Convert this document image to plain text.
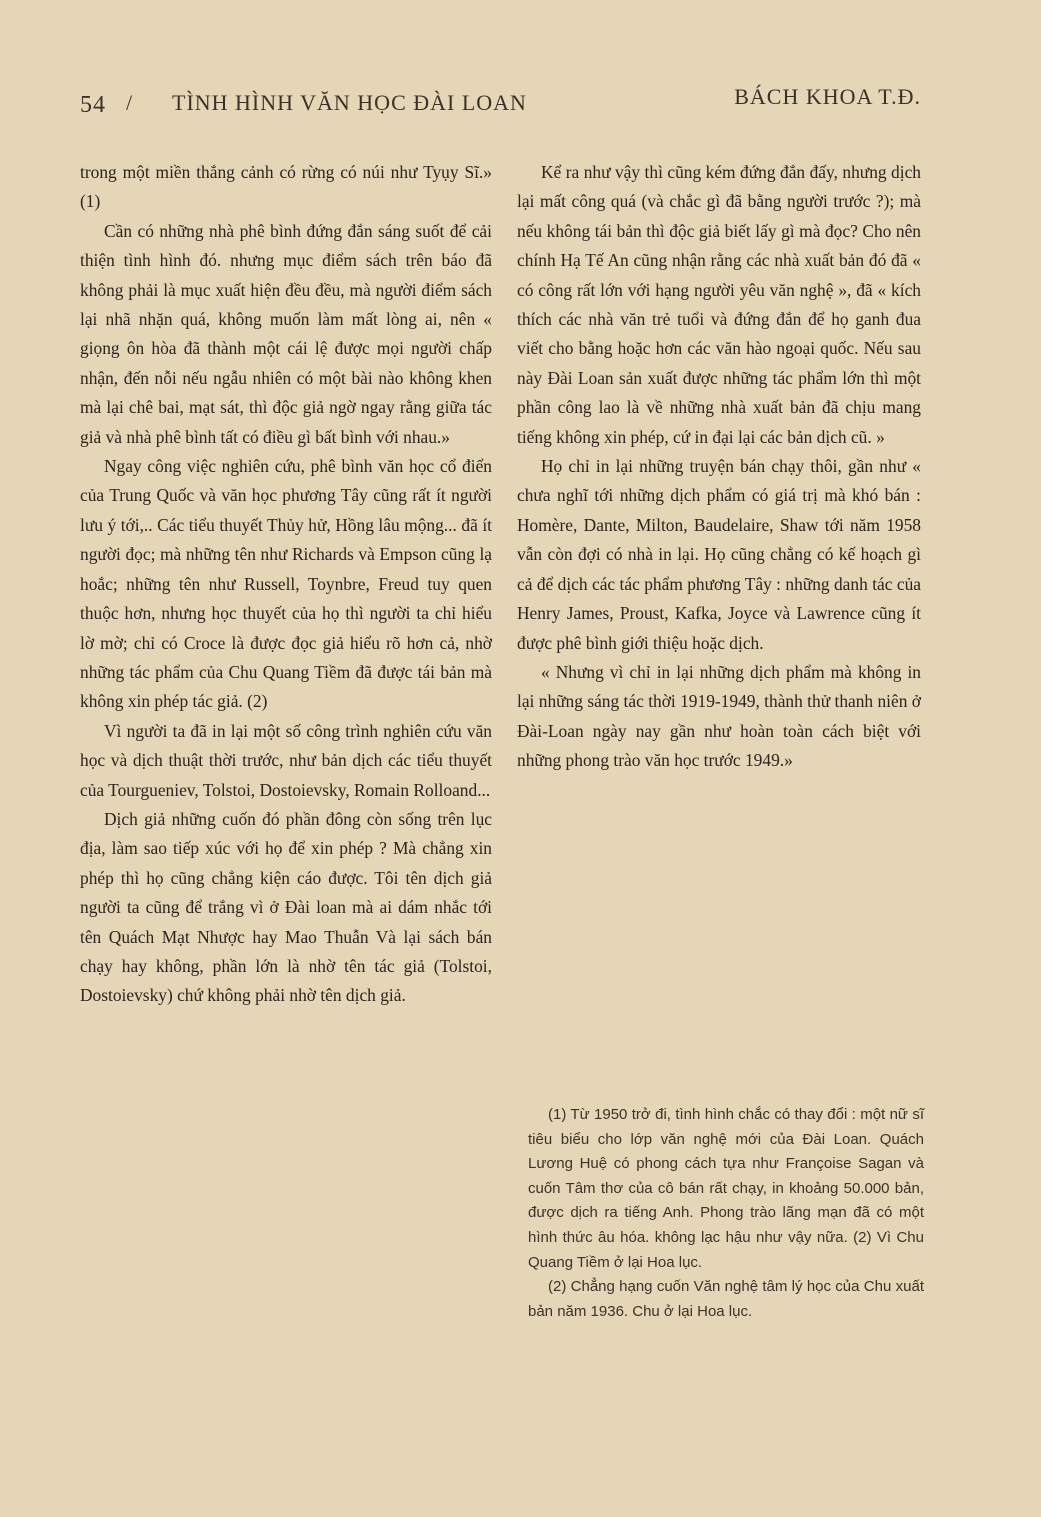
54 / TÌNH HÌNH VĂN HỌC ĐÀI LOAN	BÁCH KHOA T.Đ.

trong một miền thắng cảnh có rừng có núi như Tyụy Sĩ.» (1)

Cần có những nhà phê bình đứng đắn sáng suốt để cải thiện tình hình đó. nhưng mục điểm sách trên báo đã không phải là mục xuất hiện đều đều, mà người điểm sách lại nhã nhặn quá, không muốn làm mất lòng ai, nên « giọng ôn hòa đã thành một cái lệ được mọi người chấp nhận, đến nỗi nếu ngẫu nhiên có một bài nào không khen mà lại chê bai, mạt sát, thì độc giả ngờ ngay rằng giữa tác giả và nhà phê bình tất có điều gì bất bình với nhau.»

Ngay công việc nghiên cứu, phê bình văn học cổ điển của Trung Quốc và văn học phương Tây cũng rất ít người lưu ý tới,.. Các tiểu thuyết Thủy hử, Hồng lâu mộng... đã ít người đọc; mà những tên như Richards và Empson cũng lạ hoắc; những tên như Russell, Toynbre, Freud tuy quen thuộc hơn, nhưng học thuyết của họ thì người ta chỉ hiểu lờ mờ; chỉ có Croce là được đọc giả hiểu rõ hơn cả, nhờ những tác phẩm của Chu Quang Tiềm đã được tái bản mà không xin phép tác giả. (2)

Vì người ta đã in lại một số công trình nghiên cứu văn học và dịch thuật thời trước, như bản dịch các tiểu thuyết của Tourgueniev, Tolstoi, Dostoievsky, Romain Rolloand...

Dịch giả những cuốn đó phần đông còn sống trên lục địa, làm sao tiếp xúc với họ để xin phép ? Mà chẳng xin phép thì họ cũng chẳng kiện cáo được. Tôi tên dịch giả người ta cũng để trắng vì ở Đài loan mà ai dám nhắc tới tên Quách Mạt Nhược hay Mao Thuẫn Và lại sách bán chạy hay không, phần lớn là nhờ tên tác giả (Tolstoi, Dostoievsky) chứ không phải nhờ tên dịch giả.

Kể ra như vậy thì cũng kém đứng đắn đấy, nhưng dịch lại mất công quá (và chắc gì đã bằng người trước ?); mà nếu không tái bản thì độc giả biết lấy gì mà đọc? Cho nên chính Hạ Tế An cũng nhận rằng các nhà xuất bản đó đã « có công rất lớn với hạng người yêu văn nghệ », đã « kích thích các nhà văn trẻ tuổi và đứng đắn để họ ganh đua viết cho bằng hoặc hơn các văn hào ngoại quốc. Nếu sau này Đài Loan sản xuất được những tác phẩm lớn thì một phần công lao là về những nhà xuất bản đã chịu mang tiếng không xin phép, cứ in đại lại các bản dịch cũ. »

Họ chỉ in lại những truyện bán chạy thôi, gần như « chưa nghĩ tới những dịch phẩm có giá trị mà khó bán : Homère, Dante, Milton, Baudelaire, Shaw tới năm 1958 vẫn còn đợi có nhà in lại. Họ cũng chẳng có kế hoạch gì cả để dịch các tác phẩm phương Tây : những danh tác của Henry James, Proust, Kafka, Joyce và Lawrence cũng ít được phê bình giới thiệu hoặc dịch.

« Nhưng vì chỉ in lại những dịch phẩm mà không in lại những sáng tác thời 1919-1949, thành thử thanh niên ở Đài-Loan ngày nay gần như hoàn toàn cách biệt với những phong trào văn học trước 1949.»

(1) Từ 1950 trở đi, tình hình chắc có thay đổi : một nữ sĩ tiêu biểu cho lớp văn nghệ mới của Đài Loan. Quách Lương Huệ có phong cách tựa như Françoise Sagan và cuốn Tâm thơ của cô bán rất chạy, in khoảng 50.000 bản, được dịch ra tiếng Anh. Phong trào lãng mạn đã có một hình thức âu hóa. không lạc hậu như vậy nữa. (2) Vì Chu Quang Tiềm ở lại Hoa lục.

(2) Chẳng hạng cuốn Văn nghệ tâm lý học của Chu xuất bản năm 1936. Chu ở lại Hoa lục.
